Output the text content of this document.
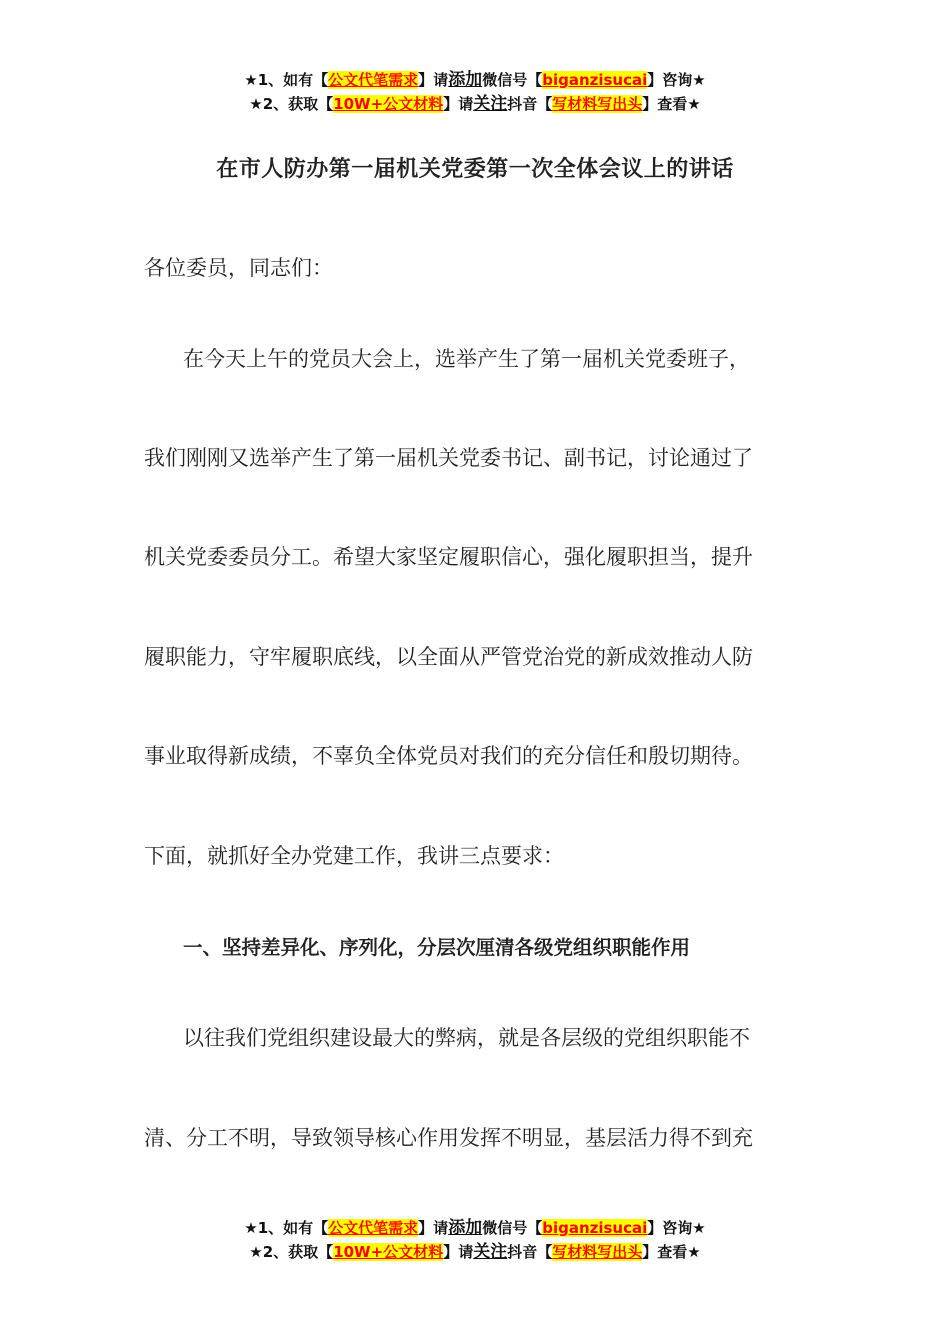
★1、如有【公文代笔需求】请添加微信号【biganzisucai】咨询★
★2、获取【10W+公文材料】请关注抖音【写材料写出头】查看★
在市人防办第一届机关党委第一次全体会议上的讲话
各位委员，同志们：
在今天上午的党员大会上，选举产生了第一届机关党委班子，
我们刚刚又选举产生了第一届机关党委书记、副书记，讨论通过了
机关党委委员分工。希望大家坚定履职信心，强化履职担当，提升
履职能力，守牢履职底线，以全面从严管党治党的新成效推动人防
事业取得新成绩，不辜负全体党员对我们的充分信任和殷切期待。
下面，就抓好全办党建工作，我讲三点要求：
一、坚持差异化、序列化，分层次厘清各级党组织职能作用
以往我们党组织建设最大的弊病，就是各层级的党组织职能不
清、分工不明，导致领导核心作用发挥不明显，基层活力得不到充
★1、如有【公文代笔需求】请添加微信号【biganzisucai】咨询★
★2、获取【10W+公文材料】请关注抖音【写材料写出头】查看★
